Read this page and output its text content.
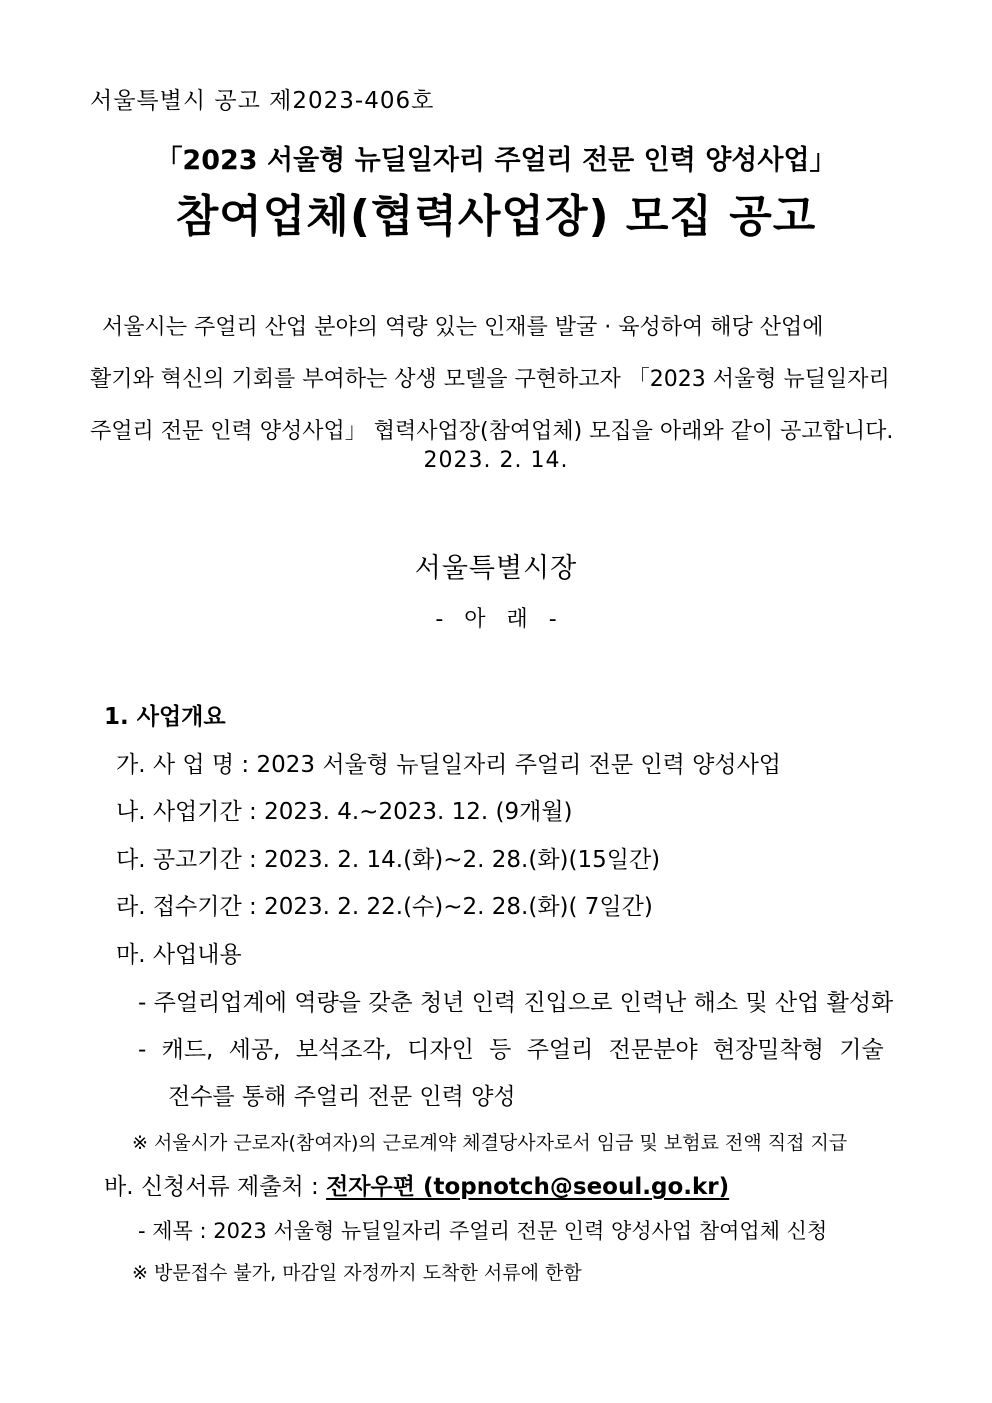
서울특별시 공고 제2023-406호
「2023 서울형 뉴딜일자리 주얼리 전문 인력 양성사업」
참여업체(협력사업장) 모집 공고

서울시는 주얼리 산업 분야의 역량 있는 인재를 발굴 · 육성하여 해당 산업에

활기와 혁신의 기회를 부여하는 상생 모델을 구현하고자 「2023 서울형 뉴딜일자리

주얼리 전문 인력 양성사업」 협력사업장(참여업체) 모집을 아래와 같이 공고합니다.

2023. 2. 14.
서울특별시장
- 아 래 -
1. 사업개요
가. 사 업 명 : 2023 서울형 뉴딜일자리 주얼리 전문 인력 양성사업
나. 사업기간 : 2023. 4.~2023. 12. (9개월)
다. 공고기간 : 2023. 2. 14.(화)~2. 28.(화)(15일간)
라. 접수기간 : 2023. 2. 22.(수)~2. 28.(화)( 7일간)
마. 사업내용
- 주얼리업계에 역량을 갖춘 청년 인력 진입으로 인력난 해소 및 산업 활성화
- 캐드, 세공, 보석조각, 디자인 등 주얼리 전문분야 현장밀착형 기술
전수를 통해 주얼리 전문 인력 양성
※ 서울시가 근로자(참여자)의 근로계약 체결당사자로서 임금 및 보험료 전액 직접 지급
바. 신청서류 제출처 : 전자우편 (topnotch@seoul.go.kr)
- 제목 : 2023 서울형 뉴딜일자리 주얼리 전문 인력 양성사업 참여업체 신청
※ 방문접수 불가, 마감일 자정까지 도착한 서류에 한함
